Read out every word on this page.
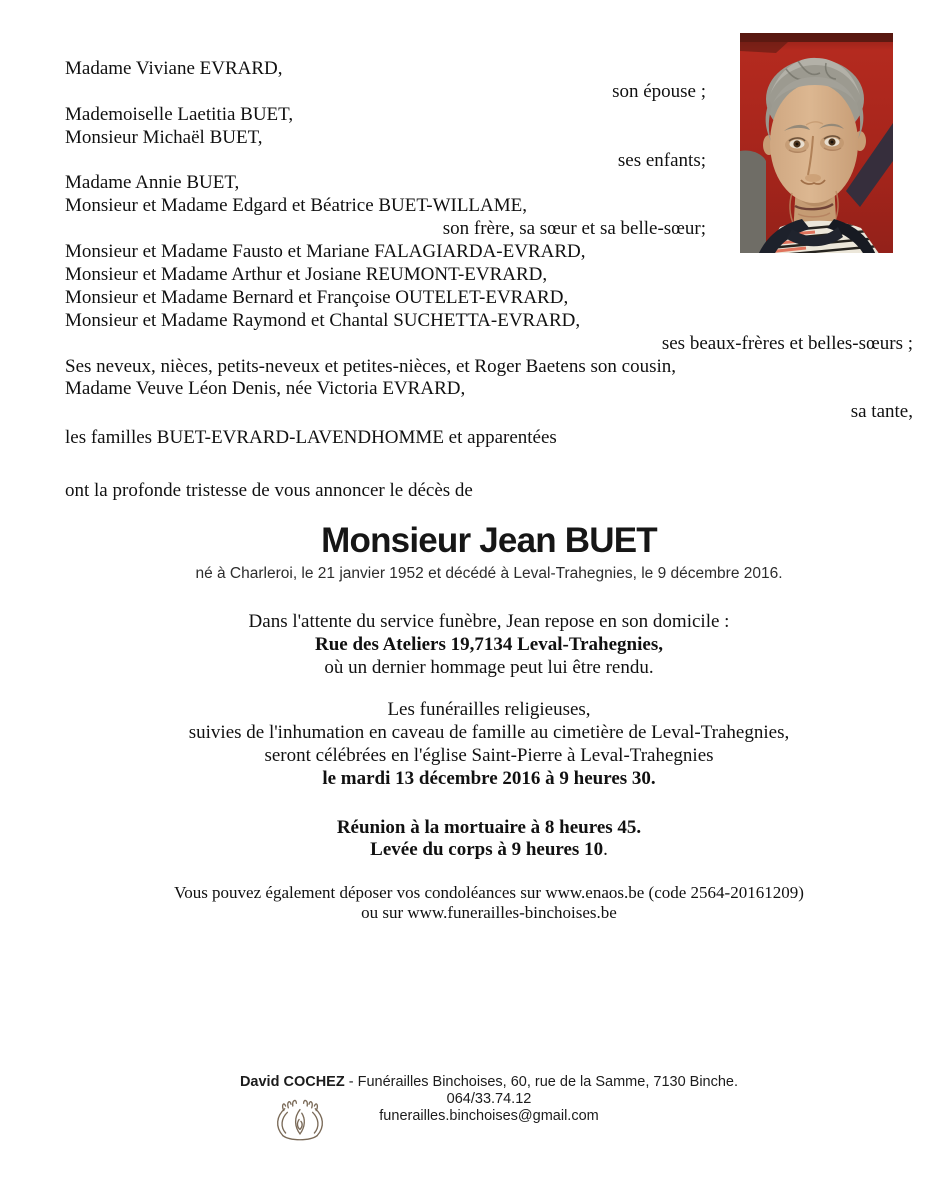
Madame Viviane EVRARD,
son épouse ;
Mademoiselle Laetitia BUET,
Monsieur Michaël BUET,
ses enfants;
Madame Annie BUET,
Monsieur et Madame Edgard et Béatrice BUET-WILLAME,
son frère, sa sœur et sa belle-sœur;
Monsieur et Madame Fausto et Mariane FALAGIARDA-EVRARD,
Monsieur et Madame Arthur et Josiane REUMONT-EVRARD,
Monsieur et Madame Bernard et Françoise OUTELET-EVRARD,
Monsieur et Madame Raymond et Chantal SUCHETTA-EVRARD,
ses beaux-frères et belles-sœurs ;
Ses neveux, nièces, petits-neveux et petites-nièces, et Roger Baetens son cousin,
Madame Veuve Léon Denis, née Victoria EVRARD,
sa tante,
les familles BUET-EVRARD-LAVENDHOMME et apparentées
ont la profonde tristesse de vous annoncer le décès de
Monsieur Jean BUET
né à Charleroi, le 21 janvier 1952 et décédé à Leval-Trahegnies, le 9 décembre 2016.
Dans l'attente du service funèbre, Jean repose en son domicile :
Rue des Ateliers 19,7134 Leval-Trahegnies,
où un dernier hommage peut lui être rendu.
Les funérailles religieuses,
suivies de l'inhumation en caveau de famille au cimetière de Leval-Trahegnies,
seront célébrées en l'église Saint-Pierre à Leval-Trahegnies
le mardi 13 décembre 2016 à 9 heures 30.
Réunion à la mortuaire à 8 heures 45.
Levée du corps à 9 heures 10.
Vous pouvez également déposer vos condoléances sur www.enaos.be (code 2564-20161209)
ou sur www.funerailles-binchoises.be
David COCHEZ - Funérailles Binchoises, 60, rue de la Samme, 7130 Binche.
064/33.74.12
funerailles.binchoises@gmail.com
